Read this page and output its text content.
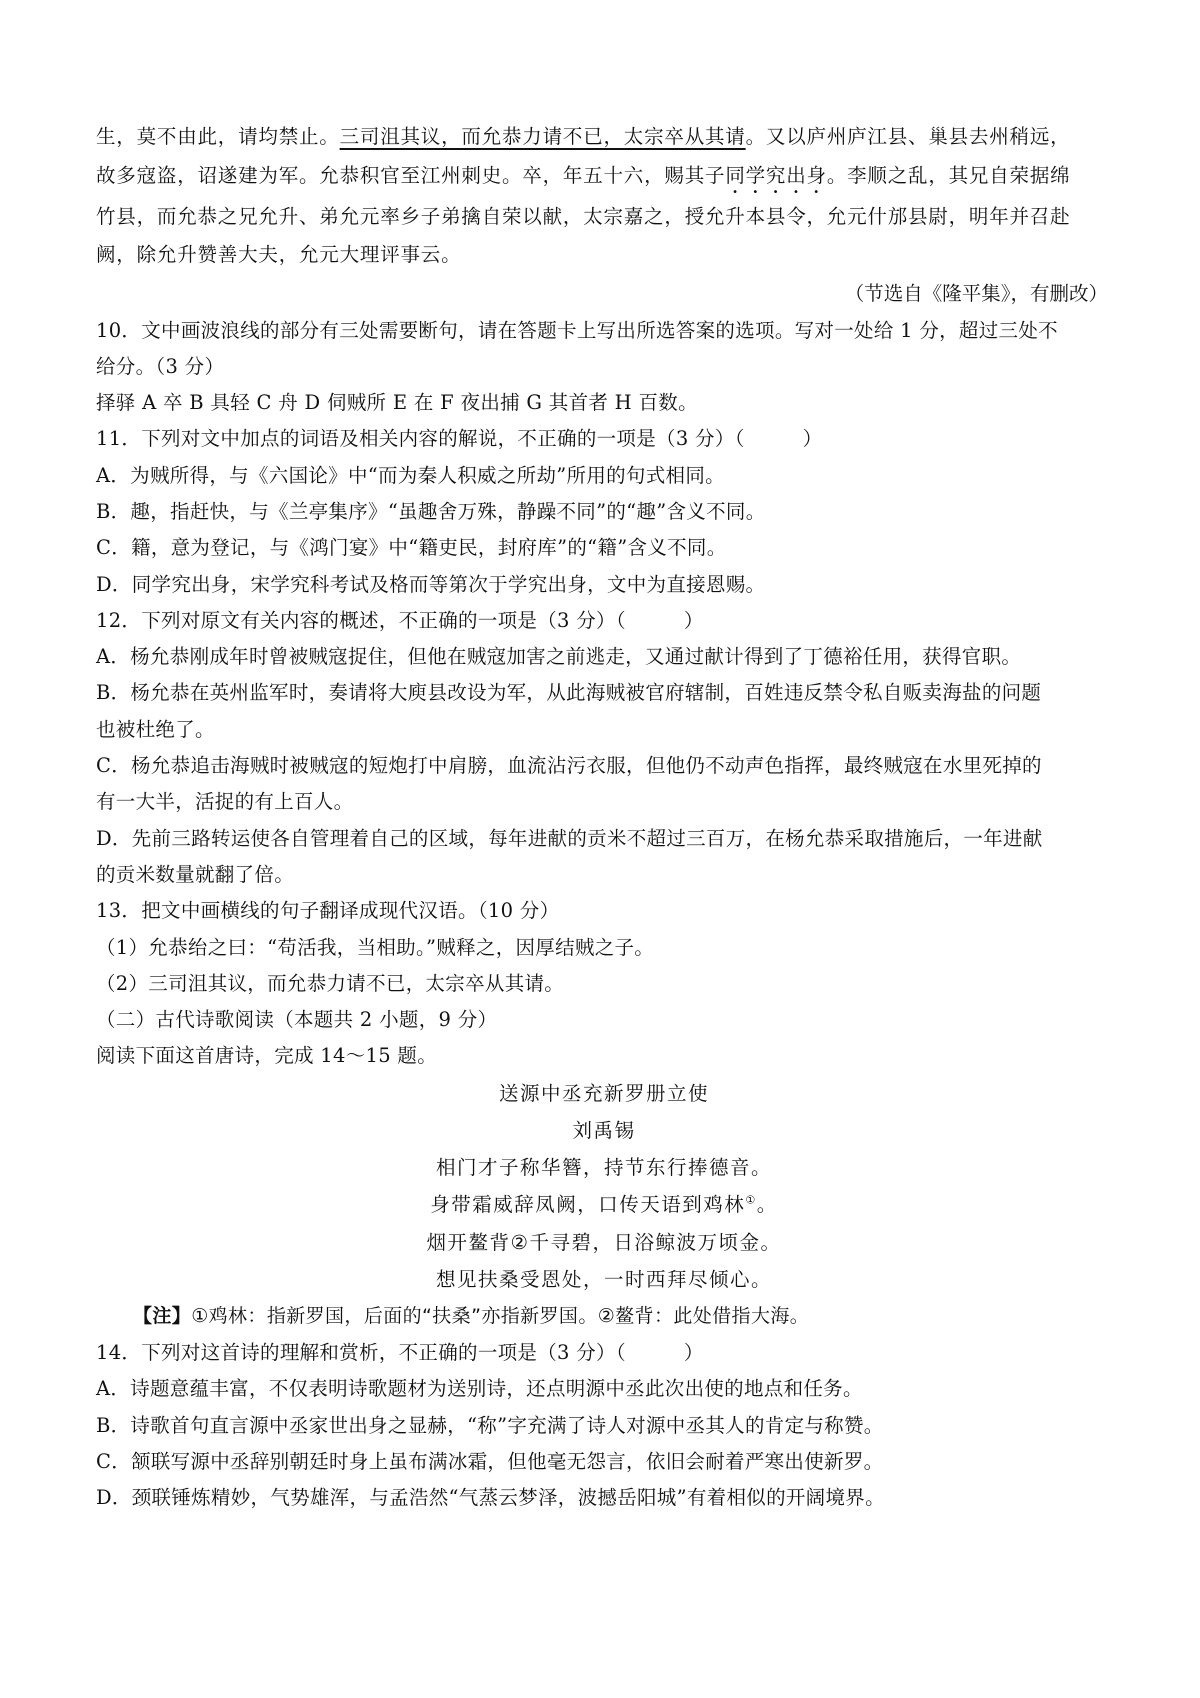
生，莫不由此，请均禁止。三司沮其议，而允恭力请不已，太宗卒从其请。又以庐州庐江县、巢县去州稍远，

故多寇盗，诏遂建为军。允恭积官至江州刺史。卒，年五十六，赐其子同学究出身。李顺之乱，其兄自荣据绵

竹县，而允恭之兄允升、弟允元率乡子弟擒自荣以献，太宗嘉之，授允升本县令，允元什邡县尉，明年并召赴

阙，除允升赞善大夫，允元大理评事云。

（节选自《隆平集》，有删改）

10．文中画波浪线的部分有三处需要断句，请在答题卡上写出所选答案的选项。写对一处给 1 分，超过三处不

给分。（3 分）

择驿 A 卒 B 具轻 C 舟 D 伺贼所 E 在 F 夜出捕 G 其首者 H 百数。

11．下列对文中加点的词语及相关内容的解说，不正确的一项是（3 分）（	）

A．为贼所得，与《六国论》中“而为秦人积威之所劫”所用的句式相同。

B．趣，指赶快，与《兰亭集序》“虽趣舍万殊，静躁不同”的“趣”含义不同。

C．籍，意为登记，与《鸿门宴》中“籍吏民，封府库”的“籍”含义不同。

D．同学究出身，宋学究科考试及格而等第次于学究出身，文中为直接恩赐。

12．下列对原文有关内容的概述，不正确的一项是（3 分）（	）

A．杨允恭刚成年时曾被贼寇捉住，但他在贼寇加害之前逃走，又通过献计得到了丁德裕任用，获得官职。

B．杨允恭在英州监军时，奏请将大庾县改设为军，从此海贼被官府辖制，百姓违反禁令私自贩卖海盐的问题

也被杜绝了。

C．杨允恭追击海贼时被贼寇的短炮打中肩膀，血流沾污衣服，但他仍不动声色指挥，最终贼寇在水里死掉的

有一大半，活捉的有上百人。

D．先前三路转运使各自管理着自己的区域，每年进献的贡米不超过三百万，在杨允恭采取措施后，一年进献

的贡米数量就翻了倍。

13．把文中画横线的句子翻译成现代汉语。（10 分）

（1）允恭绐之曰：“苟活我，当相助。”贼释之，因厚结贼之子。

（2）三司沮其议，而允恭力请不已，太宗卒从其请。

（二）古代诗歌阅读（本题共 2 小题，9 分）

阅读下面这首唐诗，完成 14～15 题。

送源中丞充新罗册立使

刘禹锡

相门才子称华簪，持节东行捧德音。

身带霜威辞凤阙，口传天语到鸡林①。

烟开鳌背②千寻碧，日浴鲸波万顷金。

想见扶桑受恩处，一时西拜尽倾心。

【注】①鸡林：指新罗国，后面的“扶桑”亦指新罗国。②鳌背：此处借指大海。

14．下列对这首诗的理解和赏析，不正确的一项是（3 分）（	）

A．诗题意蕴丰富，不仅表明诗歌题材为送别诗，还点明源中丞此次出使的地点和任务。

B．诗歌首句直言源中丞家世出身之显赫，“称”字充满了诗人对源中丞其人的肯定与称赞。

C．颔联写源中丞辞别朝廷时身上虽布满冰霜，但他毫无怨言，依旧会耐着严寒出使新罗。

D．颈联锤炼精妙，气势雄浑，与孟浩然“气蒸云梦泽，波撼岳阳城”有着相似的开阔境界。
